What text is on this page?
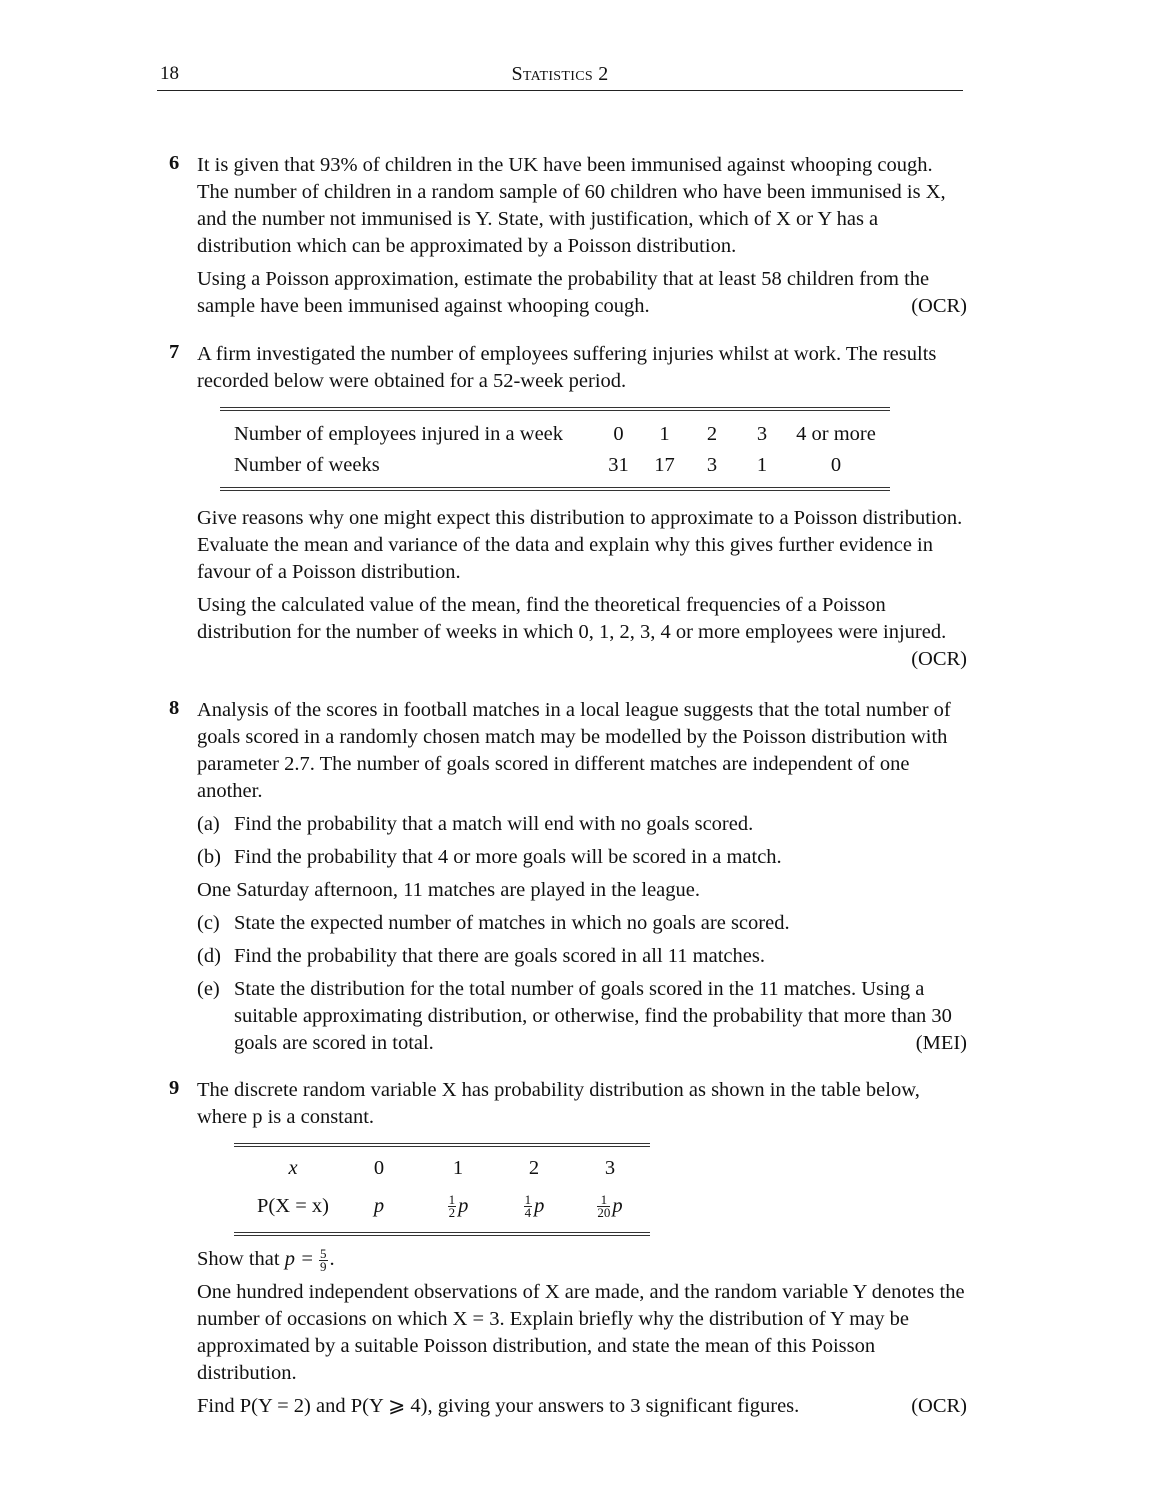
18	Statistics 2
6 It is given that 93% of children in the UK have been immunised against whooping cough. The number of children in a random sample of 60 children who have been immunised is X, and the number not immunised is Y. State, with justification, which of X or Y has a distribution which can be approximated by a Poisson distribution.

Using a Poisson approximation, estimate the probability that at least 58 children from the sample have been immunised against whooping cough.	(OCR)

7 A firm investigated the number of employees suffering injuries whilst at work. The results recorded below were obtained for a 52-week period.

Number of employees injured in a week	0	1	2	3	4 or more
Number of weeks	31	17	3	1	0

Give reasons why one might expect this distribution to approximate to a Poisson distribution. Evaluate the mean and variance of the data and explain why this gives further evidence in favour of a Poisson distribution.

Using the calculated value of the mean, find the theoretical frequencies of a Poisson distribution for the number of weeks in which 0, 1, 2, 3, 4 or more employees were injured.
(OCR)

8 Analysis of the scores in football matches in a local league suggests that the total number of goals scored in a randomly chosen match may be modelled by the Poisson distribution with parameter 2.7. The number of goals scored in different matches are independent of one another.

(a) Find the probability that a match will end with no goals scored.
(b) Find the probability that 4 or more goals will be scored in a match.

One Saturday afternoon, 11 matches are played in the league.

(c) State the expected number of matches in which no goals are scored.
(d) Find the probability that there are goals scored in all 11 matches.
(e) State the distribution for the total number of goals scored in the 11 matches. Using a suitable approximating distribution, or otherwise, find the probability that more than 30 goals are scored in total.	(MEI)
9 The discrete random variable X has probability distribution as shown in the table below, where p is a constant.

x	0	1	2	3
P(X = x)	p	$\frac{1}{2}$ p	$\frac{1}{4}$ p	$\frac{1}{20}$ p

Show that $p = \frac{5}{9}$ .

One hundred independent observations of X are made, and the random variable Y denotes the number of occasions on which X = 3. Explain briefly why the distribution of Y may be approximated by a suitable Poisson distribution, and state the mean of this Poisson distribution.

Find P(Y = 2) and P(Y ⩾ 4), giving your answers to 3 significant figures.	(OCR)
